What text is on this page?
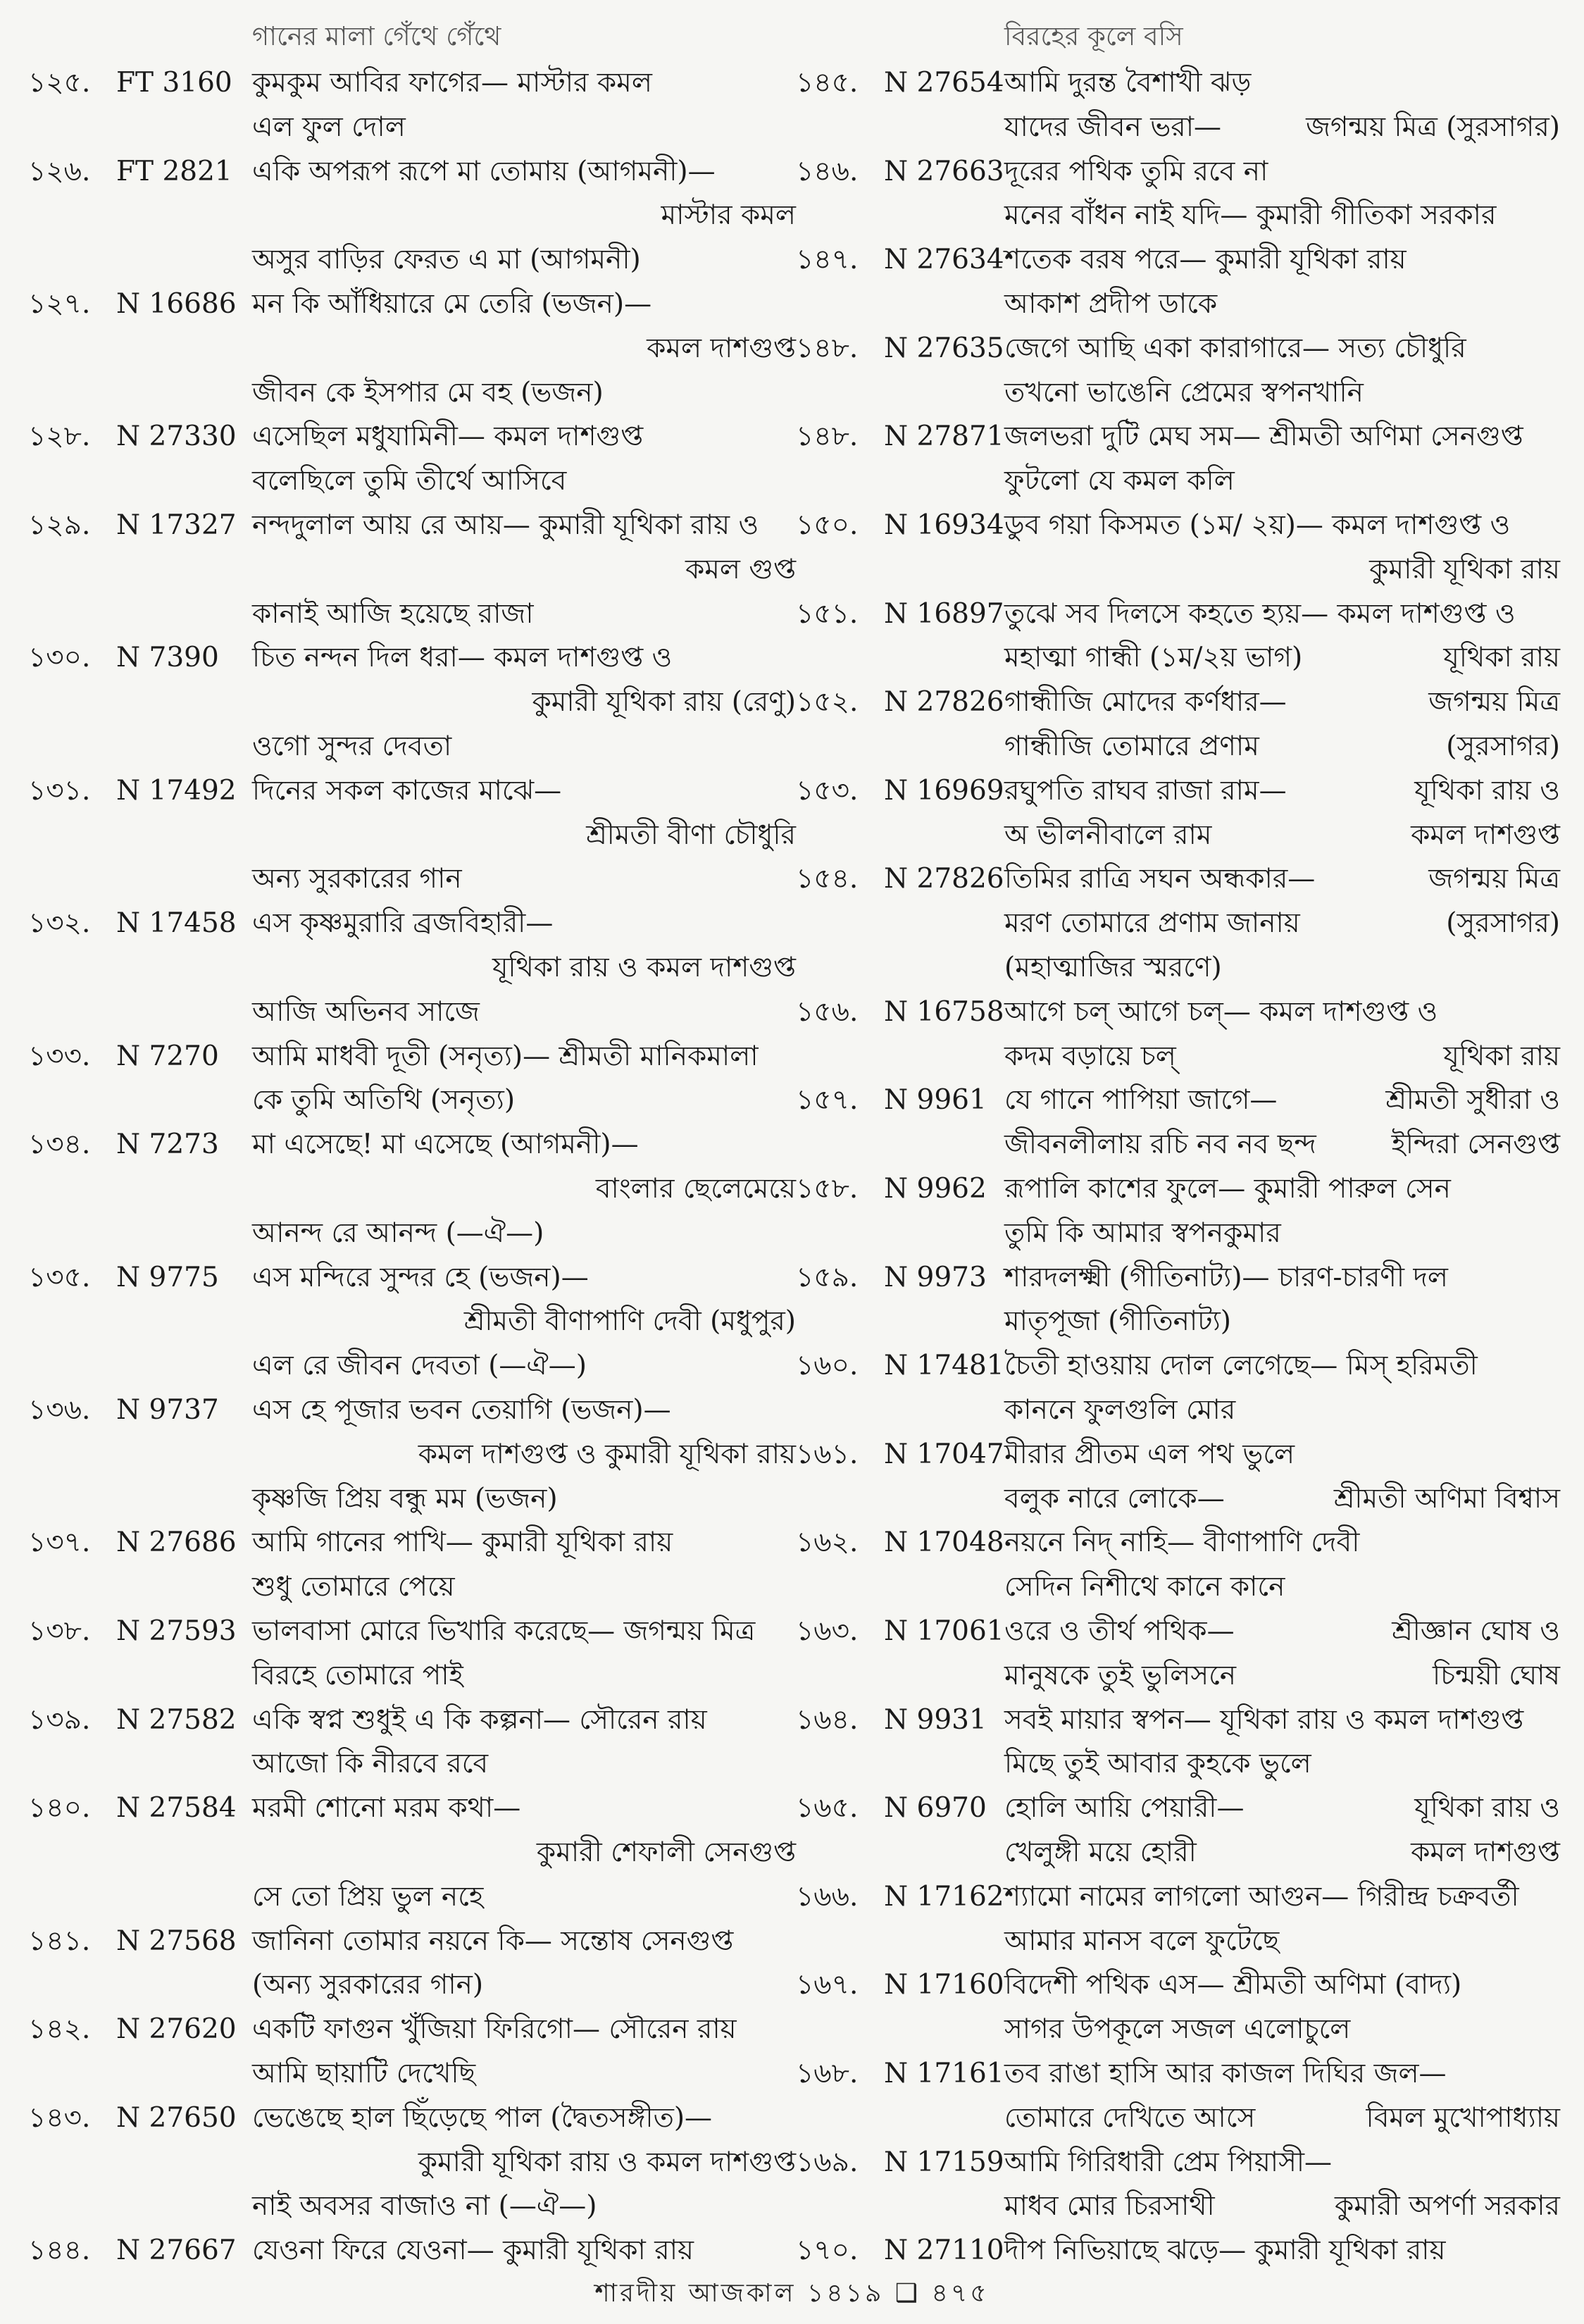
গানের মালা গেঁথে গেঁথে
১২৫. FT 3160 কুমকুম আবির ফাগের— মাস্টার কমল
এল ফুল দোল
১২৬. FT 2821 একি অপরূপ রূপে মা তোমায় (আগমনী)—
মাস্টার কমল
অসুর বাড়ির ফেরত এ মা (আগমনী)
১২৭. N 16686 মন কি আঁধিয়ারে মে তেরি (ভজন)—
কমল দাশগুপ্ত
জীবন কে ইসপার মে বহ (ভজন)
১২৮. N 27330 এসেছিল মধুযামিনী— কমল দাশগুপ্ত
বলেছিলে তুমি তীর্থে আসিবে
১২৯. N 17327 নন্দদুলাল আয় রে আয়— কুমারী যূথিকা রায় ও
কমল গুপ্ত
কানাই আজি হয়েছে রাজা
১৩০. N 7390	চিত নন্দন দিল ধরা— কমল দাশগুপ্ত ও
কুমারী যূথিকা রায় (রেণু)
ওগো সুন্দর দেবতা
১৩১. N 17492 দিনের সকল কাজের মাঝে—
শ্রীমতী বীণা চৌধুরি
অন্য সুরকারের গান
১৩২. N 17458 এস কৃষ্ণমুরারি ব্রজবিহারী—
যূথিকা রায় ও কমল দাশগুপ্ত
আজি অভিনব সাজে
১৩৩. N 7270	আমি মাধবী দূতী (সনৃত্য)— শ্রীমতী মানিকমালা
কে তুমি অতিথি (সনৃত্য)
১৩৪. N 7273	মা এসেছে! মা এসেছে (আগমনী)—
বাংলার ছেলেমেয়ে
আনন্দ রে আনন্দ (—ঐ—)
১৩৫. N 9775	এস মন্দিরে সুন্দর হে (ভজন)—
শ্রীমতী বীণাপাণি দেবী (মধুপুর)
এল রে জীবন দেবতা (—ঐ—)
১৩৬. N 9737	এস হে পূজার ভবন তেয়াগি (ভজন)—
কমল দাশগুপ্ত ও কুমারী যূথিকা রায়
কৃষ্ণজি প্রিয় বন্ধু মম (ভজন)
১৩৭. N 27686 আমি গানের পাখি— কুমারী যূথিকা রায়
শুধু তোমারে পেয়ে
১৩৮. N 27593 ভালবাসা মোরে ভিখারি করেছে— জগন্ময় মিত্র
বিরহে তোমারে পাই
১৩৯. N 27582 একি স্বপ্ন শুধুই এ কি কল্পনা— সৌরেন রায়
আজো কি নীরবে রবে
১৪০. N 27584 মরমী শোনো মরম কথা—
কুমারী শেফালী সেনগুপ্ত
সে তো প্রিয় ভুল নহে
১৪১. N 27568 জানিনা তোমার নয়নে কি— সন্তোষ সেনগুপ্ত
(অন্য সুরকারের গান)
১৪২. N 27620 একটি ফাগুন খুঁজিয়া ফিরিগো— সৌরেন রায়
আমি ছায়াটি দেখেছি
১৪৩. N 27650 ভেঙেছে হাল ছিঁড়েছে পাল (দ্বৈতসঙ্গীত)—
কুমারী যূথিকা রায় ও কমল দাশগুপ্ত
নাই অবসর বাজাও না (—ঐ—)
১৪৪. N 27667 যেওনা ফিরে যেওনা— কুমারী যূথিকা রায়
বিরহের কূলে বসি
১৪৫. N 27654 আমি দুরন্ত বৈশাখী ঝড়
যাদের জীবন ভরা—	জগন্ময় মিত্র (সুরসাগর)
১৪৬. N 27663 দূরের পথিক তুমি রবে না
মনের বাঁধন নাই যদি— কুমারী গীতিকা সরকার
১৪৭. N 27634 শতেক বরষ পরে— কুমারী যূথিকা রায়
আকাশ প্রদীপ ডাকে
১৪৮. N 27635 জেগে আছি একা কারাগারে— সত্য চৌধুরি
তখনো ভাঙেনি প্রেমের স্বপনখানি
১৪৮. N 27871 জলভরা দুটি মেঘ সম— শ্রীমতী অণিমা সেনগুপ্ত
ফুটলো যে কমল কলি
১৫০. N 16934 ডুব গয়া কিসমত (১ম/ ২য়)— কমল দাশগুপ্ত ও
কুমারী যূথিকা রায়
১৫১. N 16897 তুঝে সব দিলসে কহতে হ্যয়— কমল দাশগুপ্ত ও
মহাত্মা গান্ধী (১ম/২য় ভাগ)	যূথিকা রায়
১৫২. N 27826 গান্ধীজি মোদের কর্ণধার—	জগন্ময় মিত্র
গান্ধীজি তোমারে প্রণাম	(সুরসাগর)
১৫৩. N 16969 রঘুপতি রাঘব রাজা রাম—	যূথিকা রায় ও
অ ভীলনীবালে রাম	কমল দাশগুপ্ত
১৫৪. N 27826 তিমির রাত্রি সঘন অন্ধকার—	জগন্ময় মিত্র
মরণ তোমারে প্রণাম জানায়	(সুরসাগর)
(মহাত্মাজির স্মরণে)
১৫৬. N 16758 আগে চল্ আগে চল্— কমল দাশগুপ্ত ও
কদম বড়ায়ে চল্	যূথিকা রায়
১৫৭. N 9961 যে গানে পাপিয়া জাগে—	শ্রীমতী সুধীরা ও
জীবনলীলায় রচি নব নব ছন্দ	ইন্দিরা সেনগুপ্ত
১৫৮. N 9962 রূপালি কাশের ফুলে— কুমারী পারুল সেন
তুমি কি আমার স্বপনকুমার
১৫৯. N 9973 শারদলক্ষ্মী (গীতিনাট্য)— চারণ-চারণী দল
মাতৃপূজা (গীতিনাট্য)
১৬০. N 17481 চৈতী হাওয়ায় দোল লেগেছে— মিস্ হরিমতী
কাননে ফুলগুলি মোর
১৬১. N 17047 মীরার প্রীতম এল পথ ভুলে
বলুক নারে লোকে—	শ্রীমতী অণিমা বিশ্বাস
১৬২. N 17048 নয়নে নিদ্ নাহি— বীণাপাণি দেবী
সেদিন নিশীথে কানে কানে
১৬৩. N 17061 ওরে ও তীর্থ পথিক—	শ্রীজ্ঞান ঘোষ ও
মানুষকে তুই ভুলিসনে	চিন্ময়ী ঘোষ
১৬৪. N 9931 সবই মায়ার স্বপন— যূথিকা রায় ও কমল দাশগুপ্ত
মিছে তুই আবার কুহকে ভুলে
১৬৫. N 6970 হোলি আয়ি পেয়ারী—	যূথিকা রায় ও
খেলুঙ্গী ময়ে হোরী	কমল দাশগুপ্ত
১৬৬. N 17162 শ্যামো নামের লাগলো আগুন— গিরীন্দ্র চক্রবর্তী
আমার মানস বলে ফুটেছে
১৬৭. N 17160 বিদেশী পথিক এস— শ্রীমতী অণিমা (বাদ্য)
সাগর উপকূলে সজল এলোচুলে
১৬৮. N 17161 তব রাঙা হাসি আর কাজল দিঘির জল—
তোমারে দেখিতে আসে	বিমল মুখোপাধ্যায়
১৬৯. N 17159 আমি গিরিধারী প্রেম পিয়াসী—
মাধব মোর চিরসাথী	কুমারী অপর্ণা সরকার
১৭০. N 27110 দীপ নিভিয়াছে ঝড়ে— কুমারী যূথিকা রায়
শারদীয় আজকাল ১৪১৯ ❑ ৪৭৫
